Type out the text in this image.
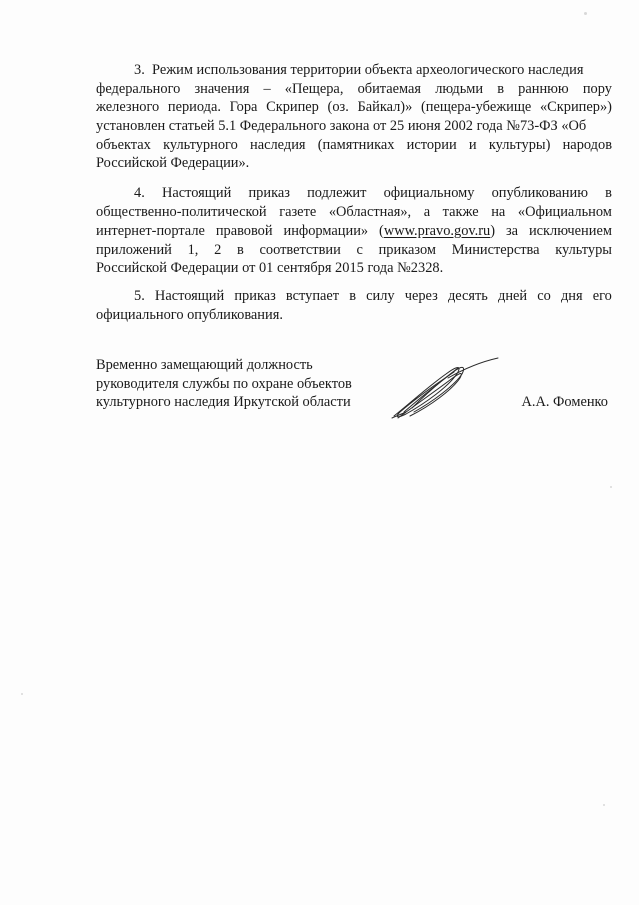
3. Режим использования территории объекта археологического наследия
федерального значения – «Пещера, обитаемая людьми в раннюю пору
железного периода. Гора Скрипер (оз. Байкал)» (пещера-убежище «Скрипер»)
установлен статьей 5.1 Федерального закона от 25 июня 2002 года №73-ФЗ «Об
объектах культурного наследия (памятниках истории и культуры) народов
Российской Федерации».
4. Настоящий приказ подлежит официальному опубликованию в
общественно-политической газете «Областная», а также на «Официальном
интернет-портале правовой информации» (www.pravo.gov.ru) за исключением
приложений 1, 2 в соответствии с приказом Министерства культуры
Российской Федерации от 01 сентября 2015 года №2328.
5. Настоящий приказ вступает в силу через десять дней со дня его
официального опубликования.
Временно замещающий должность
руководителя службы по охране объектов
культурного наследия Иркутской области	А.А. Фоменко
